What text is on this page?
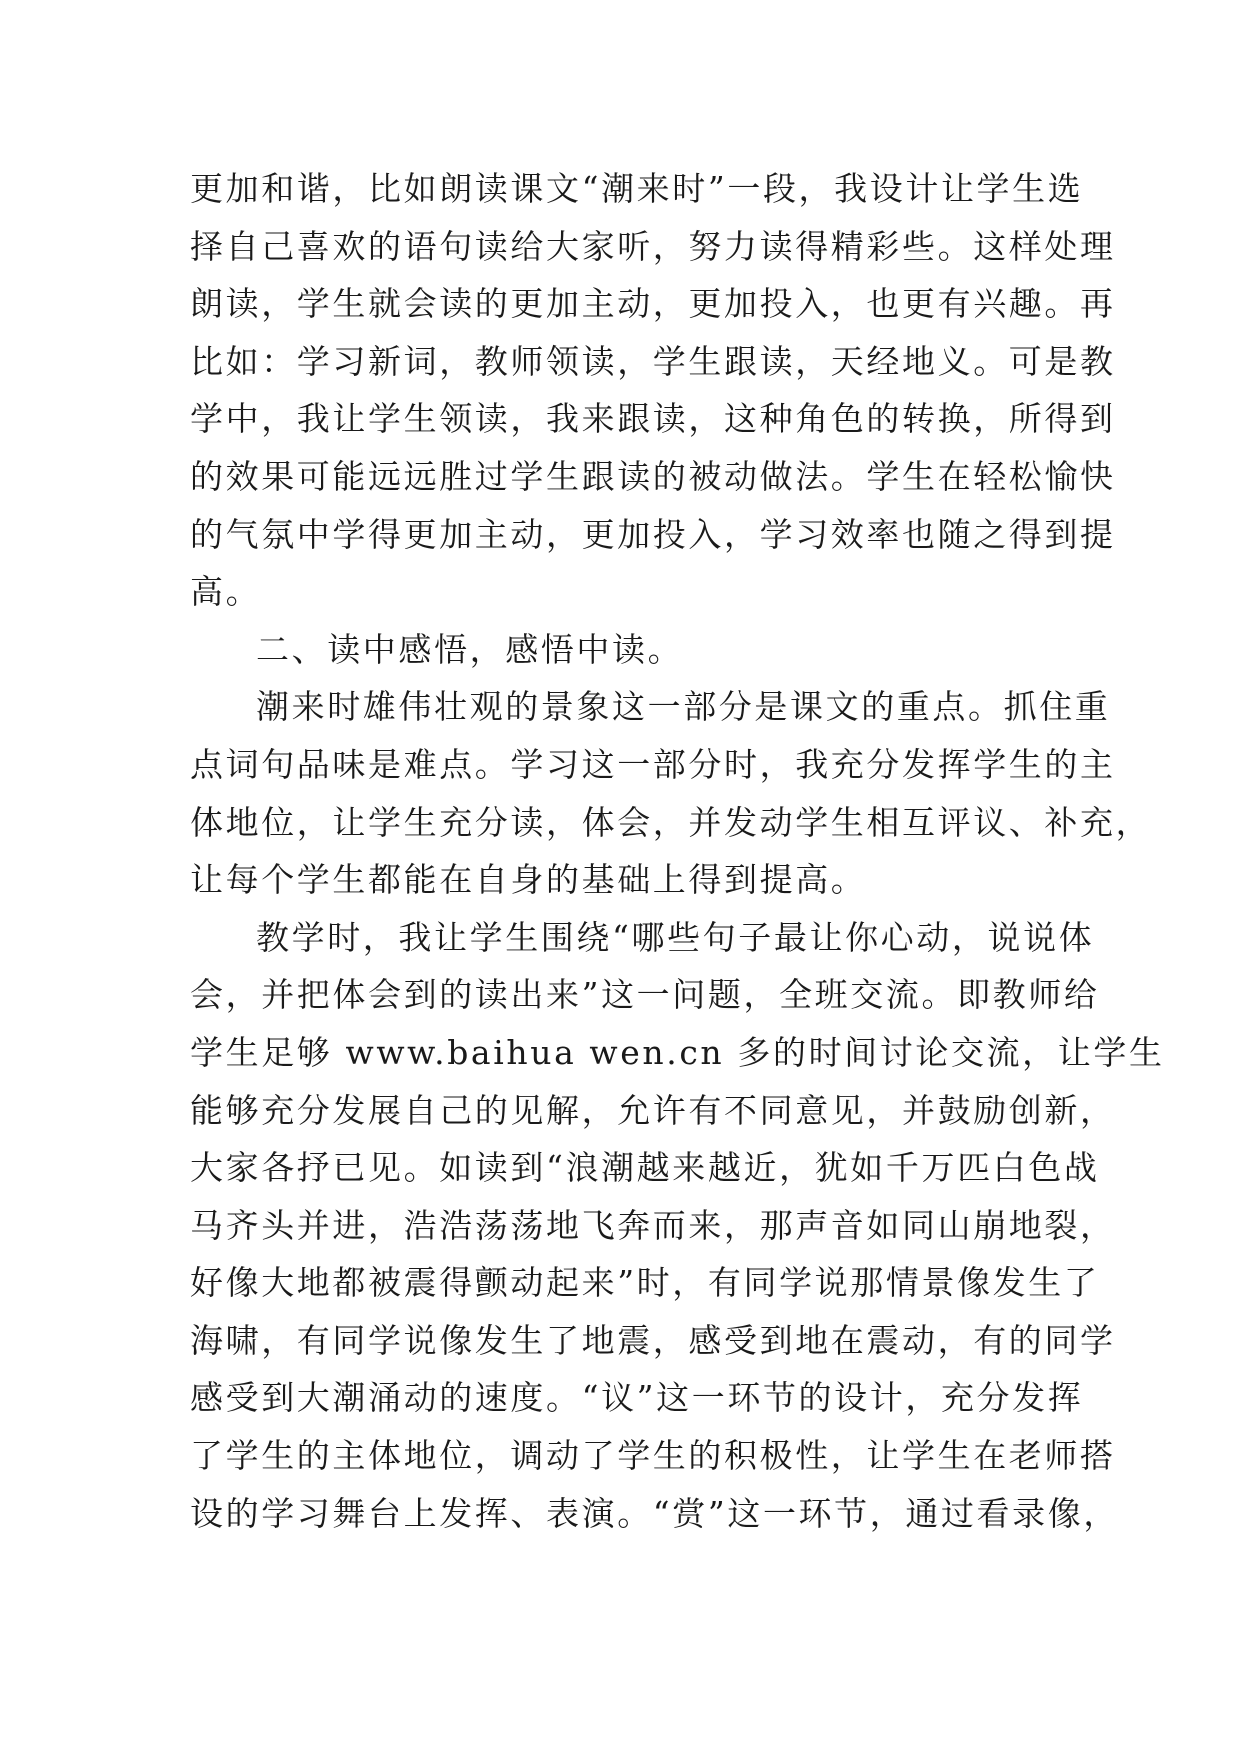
更加和谐，比如朗读课文“潮来时”一段，我设计让学生选
择自己喜欢的语句读给大家听，努力读得精彩些。这样处理
朗读，学生就会读的更加主动，更加投入，也更有兴趣。再
比如：学习新词，教师领读，学生跟读，天经地义。可是教
学中，我让学生领读，我来跟读，这种角色的转换，所得到
的效果可能远远胜过学生跟读的被动做法。学生在轻松愉快
的气氛中学得更加主动，更加投入，学习效率也随之得到提
高。
二、读中感悟，感悟中读。
潮来时雄伟壮观的景象这一部分是课文的重点。抓住重
点词句品味是难点。学习这一部分时，我充分发挥学生的主
体地位，让学生充分读，体会，并发动学生相互评议、补充，
让每个学生都能在自身的基础上得到提高。
教学时，我让学生围绕“哪些句子最让你心动，说说体
会，并把体会到的读出来”这一问题，全班交流。即教师给
学生足够 www.baihua wen.cn 多的时间讨论交流，让学生
能够充分发展自己的见解，允许有不同意见，并鼓励创新，
大家各抒已见。如读到“浪潮越来越近，犹如千万匹白色战
马齐头并进，浩浩荡荡地飞奔而来，那声音如同山崩地裂，
好像大地都被震得颤动起来”时，有同学说那情景像发生了
海啸，有同学说像发生了地震，感受到地在震动，有的同学
感受到大潮涌动的速度。“议”这一环节的设计，充分发挥
了学生的主体地位，调动了学生的积极性，让学生在老师搭
设的学习舞台上发挥、表演。“赏”这一环节，通过看录像，
